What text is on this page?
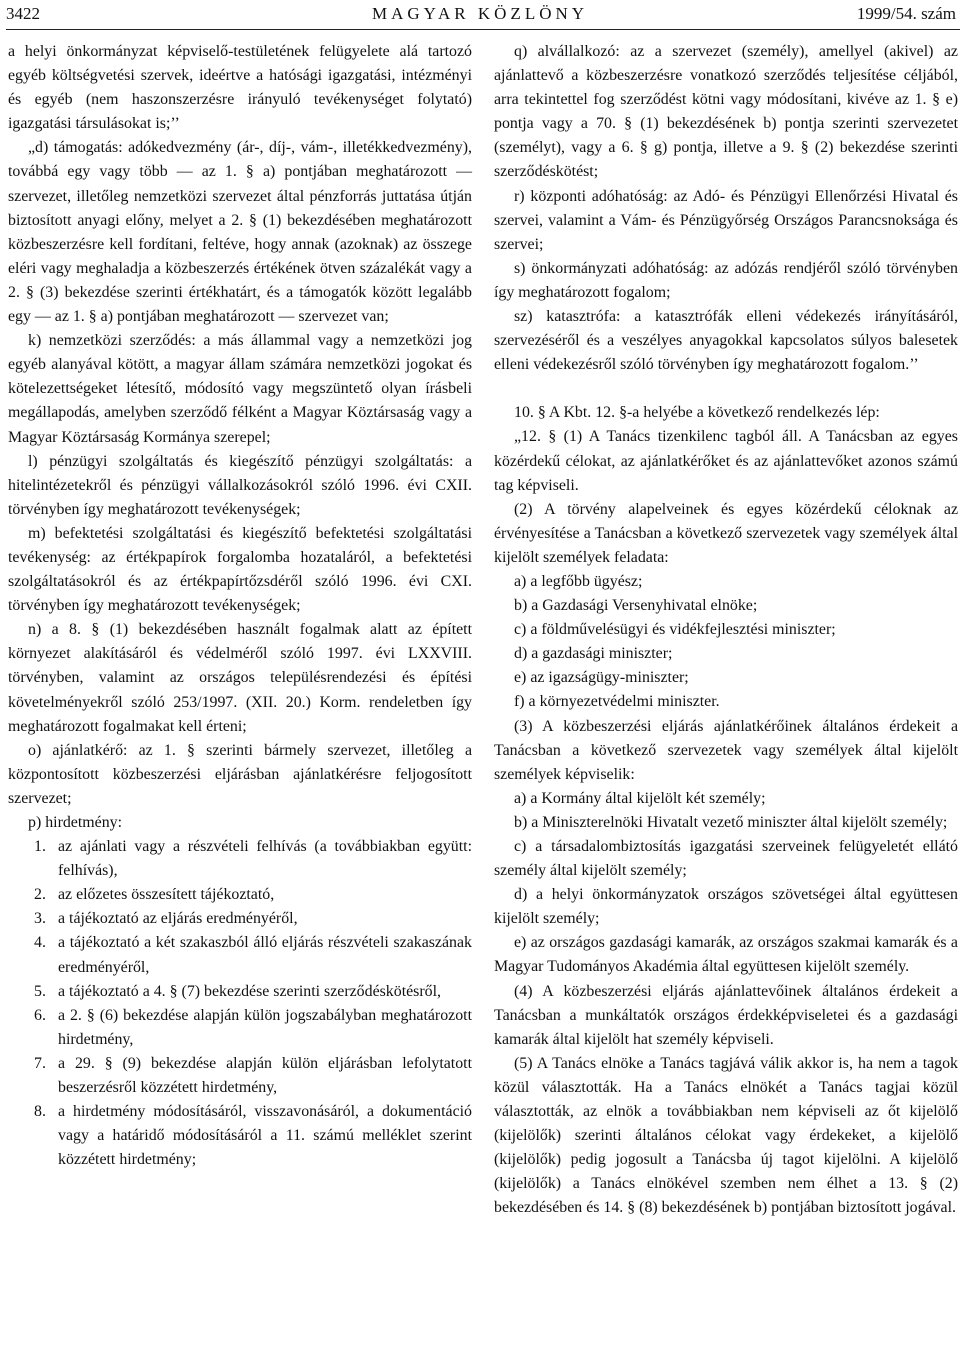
3422	MAGYAR KÖZLÖNY	1999/54. szám

a helyi önkormányzat képviselő-testületének felügyelete alá tartozó egyéb költségvetési szervek, ideértve a hatósági igazgatási, intézményi és egyéb (nem haszonszerzésre irányuló tevékenységet folytató) igazgatási társulásokat is;’’

„d) támogatás: adókedvezmény (ár-, díj-, vám-, illetékkedvezmény), továbbá egy vagy több — az 1. § a) pontjában meghatározott — szervezet, illetőleg nemzetközi szervezet által pénzforrás juttatása útján biztosított anyagi előny, melyet a 2. § (1) bekezdésében meghatározott közbeszerzésre kell fordítani, feltéve, hogy annak (azoknak) az összege eléri vagy meghaladja a közbeszerzés értékének ötven százalékát vagy a 2. § (3) bekezdése szerinti értékhatárt, és a támogatók között legalább egy — az 1. § a) pontjában meghatározott — szervezet van;

k) nemzetközi szerződés: a más állammal vagy a nemzetközi jog egyéb alanyával kötött, a magyar állam számára nemzetközi jogokat és kötelezettségeket létesítő, módosító vagy megszüntető olyan írásbeli megállapodás, amelyben szerződő félként a Magyar Köztársaság vagy a Magyar Köztársaság Kormánya szerepel;

l) pénzügyi szolgáltatás és kiegészítő pénzügyi szolgáltatás: a hitelintézetekről és pénzügyi vállalkozásokról szóló 1996. évi CXII. törvényben így meghatározott tevékenységek;

m) befektetési szolgáltatási és kiegészítő befektetési szolgáltatási tevékenység: az értékpapírok forgalomba hozataláról, a befektetési szolgáltatásokról és az értékpapírtőzsdéről szóló 1996. évi CXI. törvényben így meghatározott tevékenységek;

n) a 8. § (1) bekezdésében használt fogalmak alatt az épített környezet alakításáról és védelméről szóló 1997. évi LXXVIII. törvényben, valamint az országos településrendezési és építési követelményekről szóló 253/1997. (XII. 20.) Korm. rendeletben így meghatározott fogalmakat kell érteni;

o) ajánlatkérő: az 1. § szerinti bármely szervezet, illetőleg a központosított közbeszerzési eljárásban ajánlatkérésre feljogosított szervezet;

p) hirdetmény:

1. az ajánlati vagy a részvételi felhívás (a továbbiakban együtt: felhívás),

2. az előzetes összesített tájékoztató,

3. a tájékoztató az eljárás eredményéről,

4. a tájékoztató a két szakaszból álló eljárás részvételi szakaszának eredményéről,

5. a tájékoztató a 4. § (7) bekezdése szerinti szerződéskötésről,

6. a 2. § (6) bekezdése alapján külön jogszabályban meghatározott hirdetmény,

7. a 29. § (9) bekezdése alapján külön eljárásban lefolytatott beszerzésről közzétett hirdetmény,

8. a hirdetmény módosításáról, visszavonásáról, a dokumentáció vagy a határidő módosításáról a 11. számú melléklet szerint közzétett hirdetmény;

q) alvállalkozó: az a szervezet (személy), amellyel (akivel) az ajánlattevő a közbeszerzésre vonatkozó szerződés teljesítése céljából, arra tekintettel fog szerződést kötni vagy módosítani, kivéve az 1. § e) pontja vagy a 70. § (1) bekezdésének b) pontja szerinti szervezetet (személyt), vagy a 6. § g) pontja, illetve a 9. § (2) bekezdése szerinti szerződéskötést;

r) központi adóhatóság: az Adó- és Pénzügyi Ellenőrzési Hivatal és szervei, valamint a Vám- és Pénzügyőrség Országos Parancsnoksága és szervei;

s) önkormányzati adóhatóság: az adózás rendjéről szóló törvényben így meghatározott fogalom;

sz) katasztrófa: a katasztrófák elleni védekezés irányításáról, szervezéséről és a veszélyes anyagokkal kapcsolatos súlyos balesetek elleni védekezésről szóló törvényben így meghatározott fogalom.’’

10. § A Kbt. 12. §-a helyébe a következő rendelkezés lép:

„12. § (1) A Tanács tizenkilenc tagból áll. A Tanácsban az egyes közérdekű célokat, az ajánlatkérőket és az ajánlattevőket azonos számú tag képviseli.

(2) A törvény alapelveinek és egyes közérdekű céloknak az érvényesítése a Tanácsban a következő szervezetek vagy személyek által kijelölt személyek feladata:

a) a legfőbb ügyész;

b) a Gazdasági Versenyhivatal elnöke;

c) a földművelésügyi és vidékfejlesztési miniszter;

d) a gazdasági miniszter;

e) az igazságügy-miniszter;

f) a környezetvédelmi miniszter.

(3) A közbeszerzési eljárás ajánlatkérőinek általános érdekeit a Tanácsban a következő szervezetek vagy személyek által kijelölt személyek képviselik:

a) a Kormány által kijelölt két személy;

b) a Miniszterelnöki Hivatalt vezető miniszter által kijelölt személy;

c) a társadalombiztosítás igazgatási szerveinek felügyeletét ellátó személy által kijelölt személy;

d) a helyi önkormányzatok országos szövetségei által együttesen kijelölt személy;

e) az országos gazdasági kamarák, az országos szakmai kamarák és a Magyar Tudományos Akadémia által együttesen kijelölt személy.

(4) A közbeszerzési eljárás ajánlattevőinek általános érdekeit a Tanácsban a munkáltatók országos érdekképviseletei és a gazdasági kamarák által kijelölt hat személy képviseli.

(5) A Tanács elnöke a Tanács tagjává válik akkor is, ha nem a tagok közül választották. Ha a Tanács elnökét a Tanács tagjai közül választották, az elnök a továbbiakban nem képviseli az őt kijelölő (kijelölők) szerinti általános célokat vagy érdekeket, a kijelölő (kijelölők) pedig jogosult a Tanácsba új tagot kijelölni. A kijelölő (kijelölők) a Tanács elnökével szemben nem élhet a 13. § (2) bekezdésében és 14. § (8) bekezdésének b) pontjában biztosított jogával.
